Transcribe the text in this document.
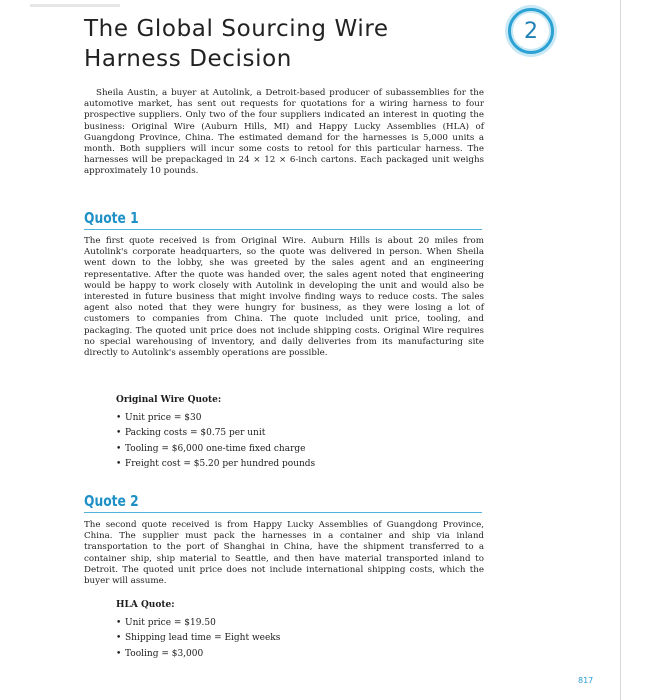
The Global Sourcing Wire
Harness Decision
2

Sheila Austin, a buyer at Autolink, a Detroit-based producer of subassemblies for the automotive market, has sent out requests for quotations for a wiring harness to four prospective suppliers. Only two of the four suppliers indicated an interest in quoting the business: Original Wire (Auburn Hills, MI) and Happy Lucky Assemblies (HLA) of Guangdong Province, China. The estimated demand for the harnesses is 5,000 units a month. Both suppliers will incur some costs to retool for this particular harness. The harnesses will be prepackaged in 24 × 12 × 6-inch cartons. Each packaged unit weighs approximately 10 pounds.

Quote 1

The first quote received is from Original Wire. Auburn Hills is about 20 miles from Autolink's corporate headquarters, so the quote was delivered in person. When Sheila went down to the lobby, she was greeted by the sales agent and an engineering representative. After the quote was handed over, the sales agent noted that engineering would be happy to work closely with Autolink in developing the unit and would also be interested in future business that might involve finding ways to reduce costs. The sales agent also noted that they were hungry for business, as they were losing a lot of customers to companies from China. The quote included unit price, tooling, and packaging. The quoted unit price does not include shipping costs. Original Wire requires no special warehousing of inventory, and daily deliveries from its manufacturing site directly to Autolink's assembly operations are possible.

Original Wire Quote:
• Unit price = $30
• Packing costs = $0.75 per unit
• Tooling = $6,000 one-time fixed charge
• Freight cost = $5.20 per hundred pounds
Quote 2

The second quote received is from Happy Lucky Assemblies of Guangdong Province, China. The supplier must pack the harnesses in a container and ship via inland transportation to the port of Shanghai in China, have the shipment transferred to a container ship, ship material to Seattle, and then have material transported inland to Detroit. The quoted unit price does not include international shipping costs, which the buyer will assume.

HLA Quote:
• Unit price = $19.50
• Shipping lead time = Eight weeks
• Tooling = $3,000
817
